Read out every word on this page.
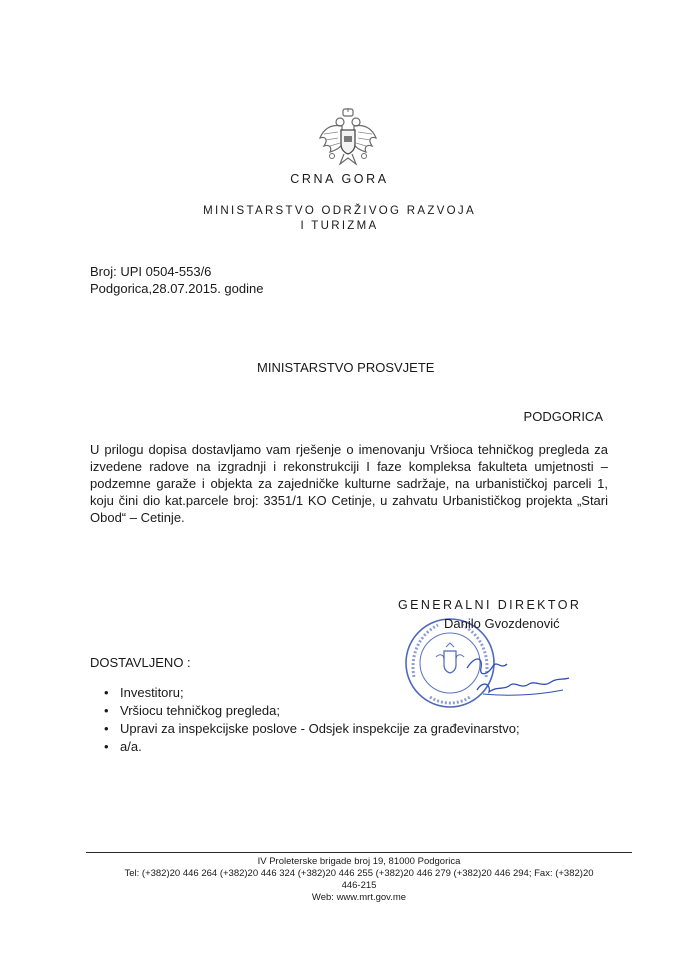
CRNA GORA
MINISTARSTVO ODRŽIVOG RAZVOJA
I TURIZMA
Broj: UPI 0504-553/6
Podgorica,28.07.2015. godine
MINISTARSTVO PROSVJETE
PODGORICA
U prilogu dopisa dostavljamo vam rješenje o imenovanju Vršioca tehničkog pregleda za izvedene radove na izgradnji i rekonstrukciji I faze kompleksa fakulteta umjetnosti – podzemne garaže i objekta za zajedničke kulturne sadržaje, na urbanističkoj parceli 1, koju čini dio kat.parcele broj: 3351/1 KO Cetinje, u zahvatu Urbanističkog projekta „Stari Obod“ – Cetinje.
GENERALNI DIREKTOR
Danilo Gvozdenović
DOSTAVLJENO :
• Investitoru;
• Vršiocu tehničkog pregleda;
• Upravi za inspekcijske poslove - Odsjek inspekcije za građevinarstvo;
• a/a.
IV Proleterske brigade broj 19, 81000 Podgorica
Tel: (+382)20 446 264 (+382)20 446 324 (+382)20 446 255 (+382)20 446 279 (+382)20 446 294; Fax: (+382)20
446-215
Web: www.mrt.gov.me
